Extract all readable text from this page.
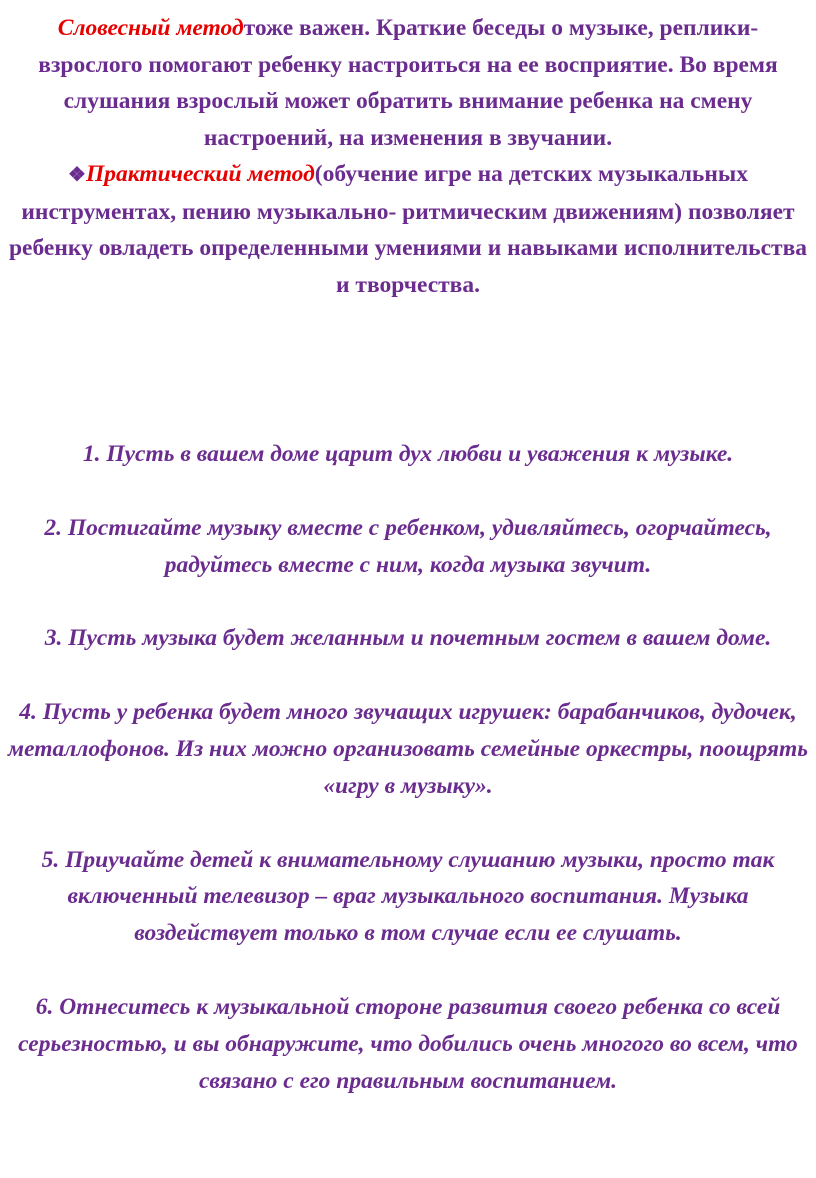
Словесный методтоже важен. Краткие беседы о музыке, реплики-взрослого помогают ребенку настроиться на ее восприятие. Во время слушания взрослый может обратить внимание ребенка на смену настроений, на изменения в звучании.

❖Практический метод(обучение игре на детских музыкальных инструментах, пению музыкально- ритмическим движениям) позволяет ребенку овладеть определенными умениями и навыками исполнительства и творчества.

1. Пусть в вашем доме царит дух любви и уважения к музыке.

2. Постигайте музыку вместе с ребенком, удивляйтесь, огорчайтесь, радуйтесь вместе с ним, когда музыка звучит.

3. Пусть музыка будет желанным и почетным гостем в вашем доме.

4. Пусть у ребенка будет много звучащих игрушек: барабанчиков, дудочек, металлофонов. Из них можно организовать семейные оркестры, поощрять «игру в музыку».

5. Приучайте детей к внимательному слушанию музыки, просто так включенный телевизор – враг музыкального воспитания. Музыка воздействует только в том случае если ее слушать.

6. Отнеситесь к музыкальной стороне развития своего ребенка со всей серьезностью, и вы обнаружите, что добились очень многого во всем, что связано с его правильным воспитанием.
